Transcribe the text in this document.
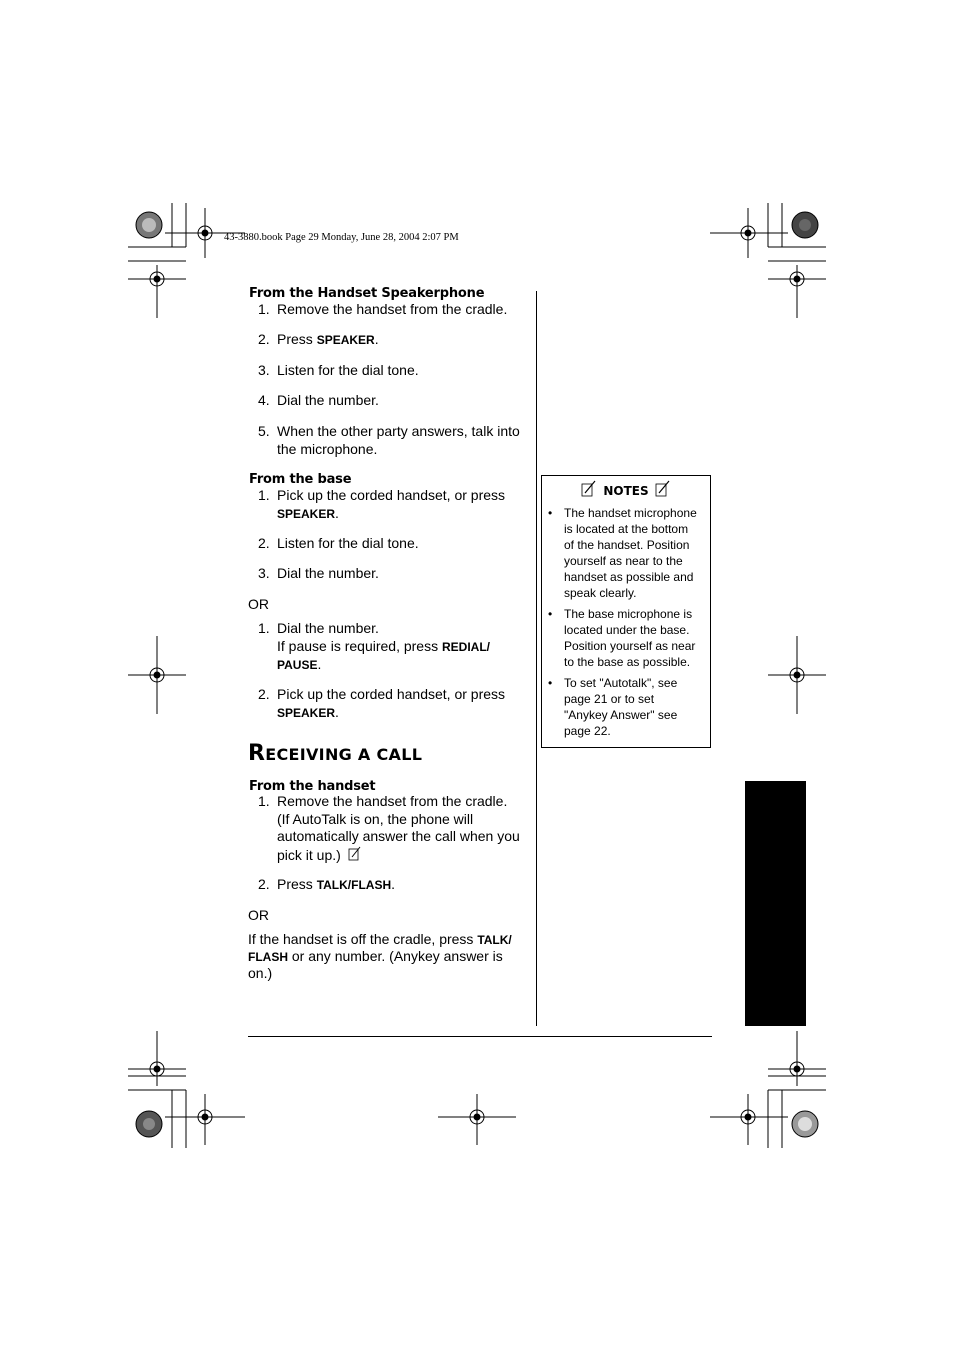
43-3880.book Page 29 Monday, June 28, 2004 2:07 PM
From the Handset Speakerphone
1. Remove the handset from the cradle.
2. Press SPEAKER.
3. Listen for the dial tone.
4. Dial the number.
5. When the other party answers, talk into
the microphone.
From the base
1. Pick up the corded handset, or press
SPEAKER.
2. Listen for the dial tone.
3. Dial the number.
OR
1. Dial the number.
If pause is required, press REDIAL/
PAUSE.
2. Pick up the corded handset, or press
SPEAKER.
RECEIVING A CALL
From the handset
1. Remove the handset from the cradle.
(If AutoTalk is on, the phone will
automatically answer the call when you
pick it up.)
2. Press TALK/FLASH.
OR
If the handset is off the cradle, press TALK/
FLASH or any number. (Anykey answer is on.)
NOTES
• The handset microphone
is located at the bottom
of the handset. Position
yourself as near to the
handset as possible and
speak clearly.
• The base microphone is
located under the base.
Position yourself as near
to the base as possible.
• To set "Autotalk", see
page 21 or to set
"Anykey Answer" see
page 22.
